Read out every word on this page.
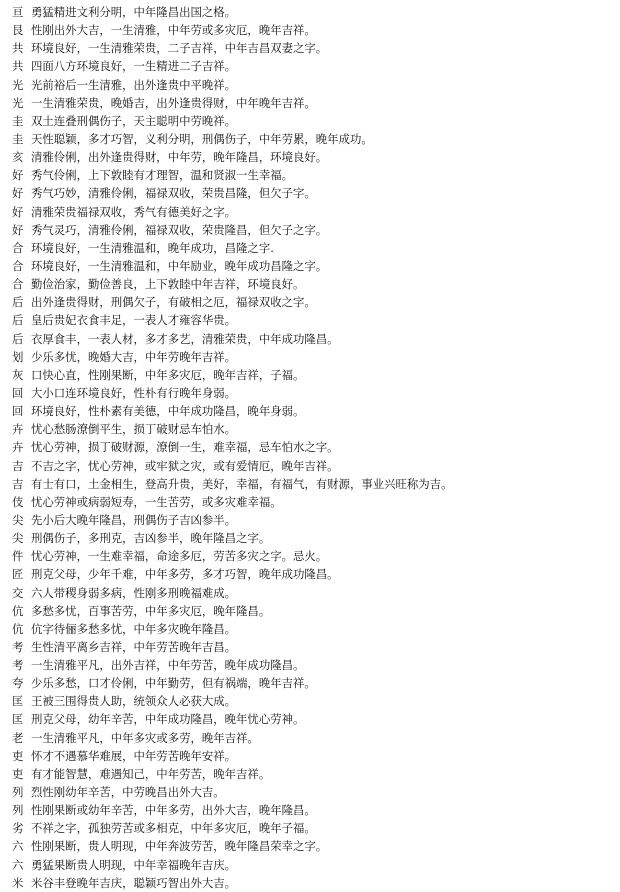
亘 勇猛精进文利分明，中年隆昌出国之格。
艮 性刚出外大吉，一生清雅，中年劳或多灾厄，晚年吉祥。
共 环境良好，一生清雅荣贵，二子吉祥，中年吉昌双妻之字。
共 四面八方环境良好，一生精进二子吉祥。
光 光前裕后一生清雅，出外逢贵中平晚祥。
光 一生清雅荣贵，晚婚吉，出外逢贵得财，中年晚年吉祥。
圭 双土连叠刑偶伤子，天主聪明中劳晚祥。
圭 天性聪颖，多才巧智，义利分明，刑偶伤子，中年劳累，晚年成功。
亥 清雅伶俐，出外逢贵得财，中年劳，晚年隆昌，环境良好。
好 秀气伶俐，上下敦睦有才理智，温和贤淑一生幸福。
好 秀气巧妙，清雅伶俐，福禄双收，荣贵昌隆，但欠子字。
好 清雅荣贵福禄双收，秀气有德美好之字。
好 秀气灵巧，清雅伶俐，福禄双收，荣贵隆昌，但欠子之字。
合 环境良好，一生清雅温和，晚年成功，昌隆之字.
合 环境良好，一生清雅温和，中年励业，晚年成功昌隆之字。
合 勤俭治家，勤俭善良，上下敦睦中年吉祥，环境良好。
后 出外逢贵得财，刑偶欠子，有破相之厄，福禄双收之字。
后 皇后贵妃衣食丰足，一表人才雍容华贵。
后 衣厚食丰，一表人材，多才多艺，清雅荣贵，中年成功隆昌。
划 少乐多忧，晚婚大吉，中年劳晚年吉祥。
灰 口快心直，性刚果断，中年多灾厄，晚年吉祥，子福。
回 大小口连环境良好，性朴有行晚年身弱。
回 环境良好，性朴素有美德，中年成功隆昌，晚年身弱。
卉 忧心愁肠潦倒平生，损丁破财忌车怕水。
卉 忧心劳神，损丁破财源，潦倒一生，难幸福，忌车怕水之字。
吉 不吉之字，忧心劳神，或牢狱之灾，或有爱情厄，晚年吉祥。
吉 有士有口，土金相生，登高升贵，美好，幸福，有福气，有财源，事业兴旺称为吉。
伎 忧心劳神或病弱短寿，一生苦劳，或多灾难幸福。
尖 先小后大晚年隆昌，刑偶伤子吉凶参半。
尖 刑偶伤子，多刑克，吉凶参半，晚年隆昌之字。
件 忧心劳神，一生难幸福，命途多厄，劳苦多灾之字。忌火。
匠 刑克父母，少年千难，中年多劳，多才巧智，晚年成功隆昌。
交 六人带稷身弱多病，性刚多刑晚福难成。
伉 多愁多忧，百事苦劳，中年多灾厄，晚年隆昌。
伉 伉字待俪多愁多忧，中年多灾晚年隆昌。
考 生性清平离乡吉祥，中年劳苦晚年吉昌。
考 一生清雅平凡，出外吉祥，中年劳苦，晚年成功隆昌。
夸 少乐多愁，口才伶俐，中年勤劳，但有祸端，晚年吉祥。
匡 王被三围得贵人助，统领众人必获大成。
匡 刑克父母，幼年辛苦，中年成功隆昌，晚年忧心劳神。
老 一生清雅平凡，中年多灾或多劳，晚年吉祥。
吏 怀才不遇慕华难展，中年劳苦晚年安祥。
吏 有才能智慧，难遇知己，中年劳苦，晚年吉祥。
列 烈性刚幼年辛苦，中劳晚昌出外大吉。
列 性刚果断或幼年辛苦，中年多劳，出外大吉，晚年隆昌。
劣 不祥之字，孤独劳苦或多相克，中年多灾厄，晚年子福。
六 性刚果断，贵人明现，中年奔波劳苦，晚年隆昌荣幸之字。
六 勇猛果断贵人明现，中年幸福晚年吉庆。
米 米谷丰登晚年吉庆，聪颖巧智出外大吉。
